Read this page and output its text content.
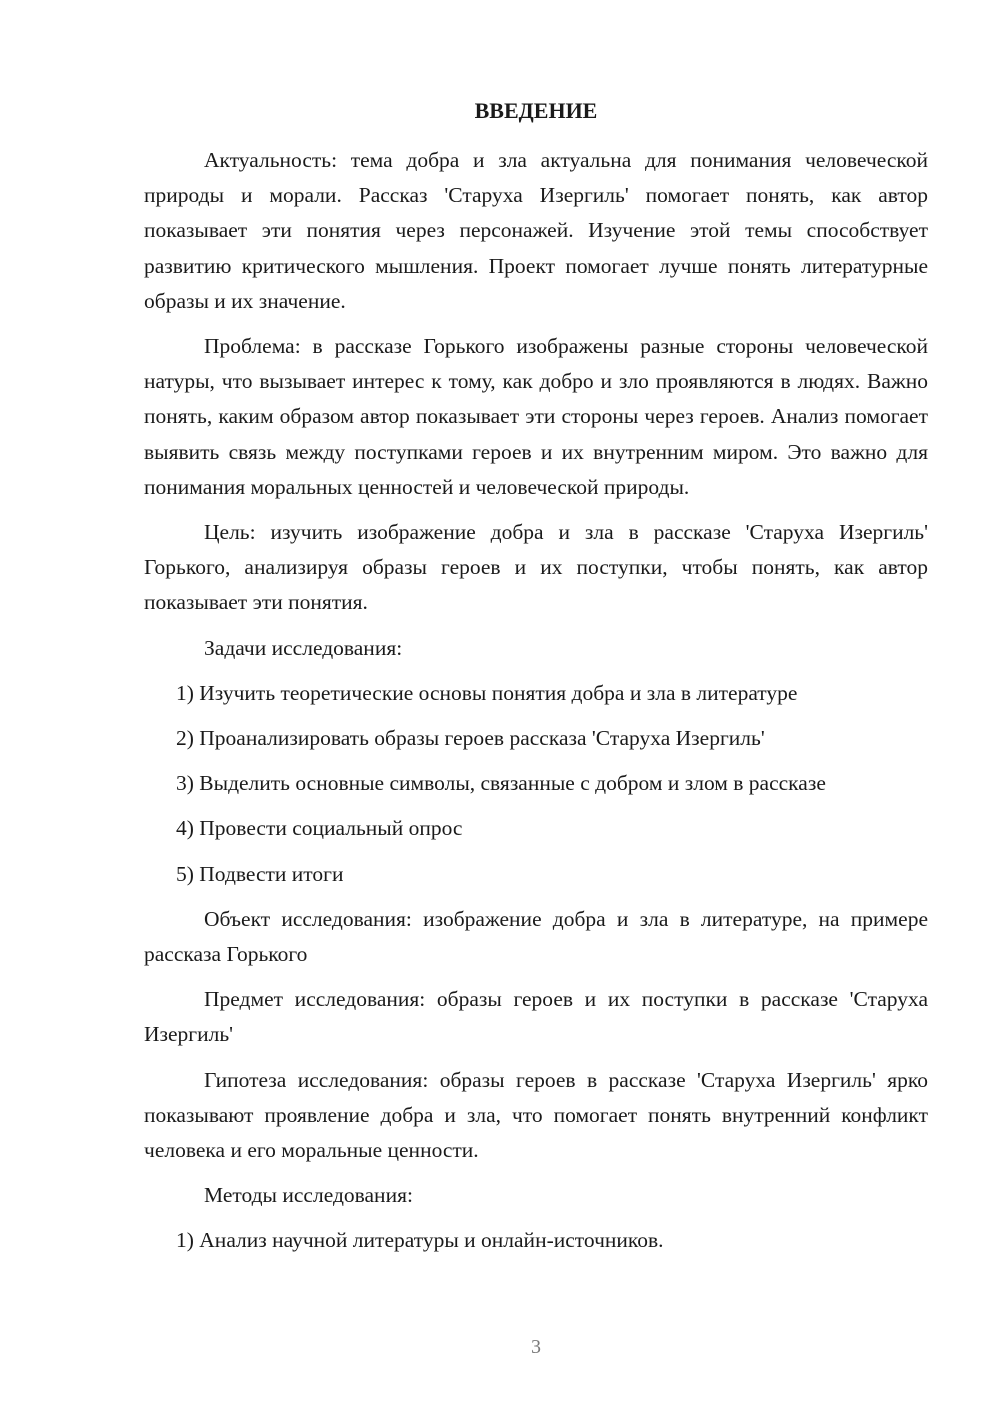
ВВЕДЕНИЕ

Актуальность: тема добра и зла актуальна для понимания человеческой природы и морали. Рассказ 'Старуха Изергиль' помогает понять, как автор показывает эти понятия через персонажей. Изучение этой темы способствует развитию критического мышления. Проект помогает лучше понять литературные образы и их значение.

Проблема: в рассказе Горького изображены разные стороны человеческой натуры, что вызывает интерес к тому, как добро и зло проявляются в людях. Важно понять, каким образом автор показывает эти стороны через героев. Анализ помогает выявить связь между поступками героев и их внутренним миром. Это важно для понимания моральных ценностей и человеческой природы.

Цель: изучить изображение добра и зла в рассказе 'Старуха Изергиль' Горького, анализируя образы героев и их поступки, чтобы понять, как автор показывает эти понятия.

Задачи исследования:

1) Изучить теоретические основы понятия добра и зла в литературе

2) Проанализировать образы героев рассказа 'Старуха Изергиль'

3) Выделить основные символы, связанные с добром и злом в рассказе

4) Провести социальный опрос

5) Подвести итоги

Объект исследования: изображение добра и зла в литературе, на примере рассказа Горького

Предмет исследования: образы героев и их поступки в рассказе 'Старуха Изергиль'

Гипотеза исследования: образы героев в рассказе 'Старуха Изергиль' ярко показывают проявление добра и зла, что помогает понять внутренний конфликт человека и его моральные ценности.

Методы исследования:

1) Анализ научной литературы и онлайн-источников.

3
